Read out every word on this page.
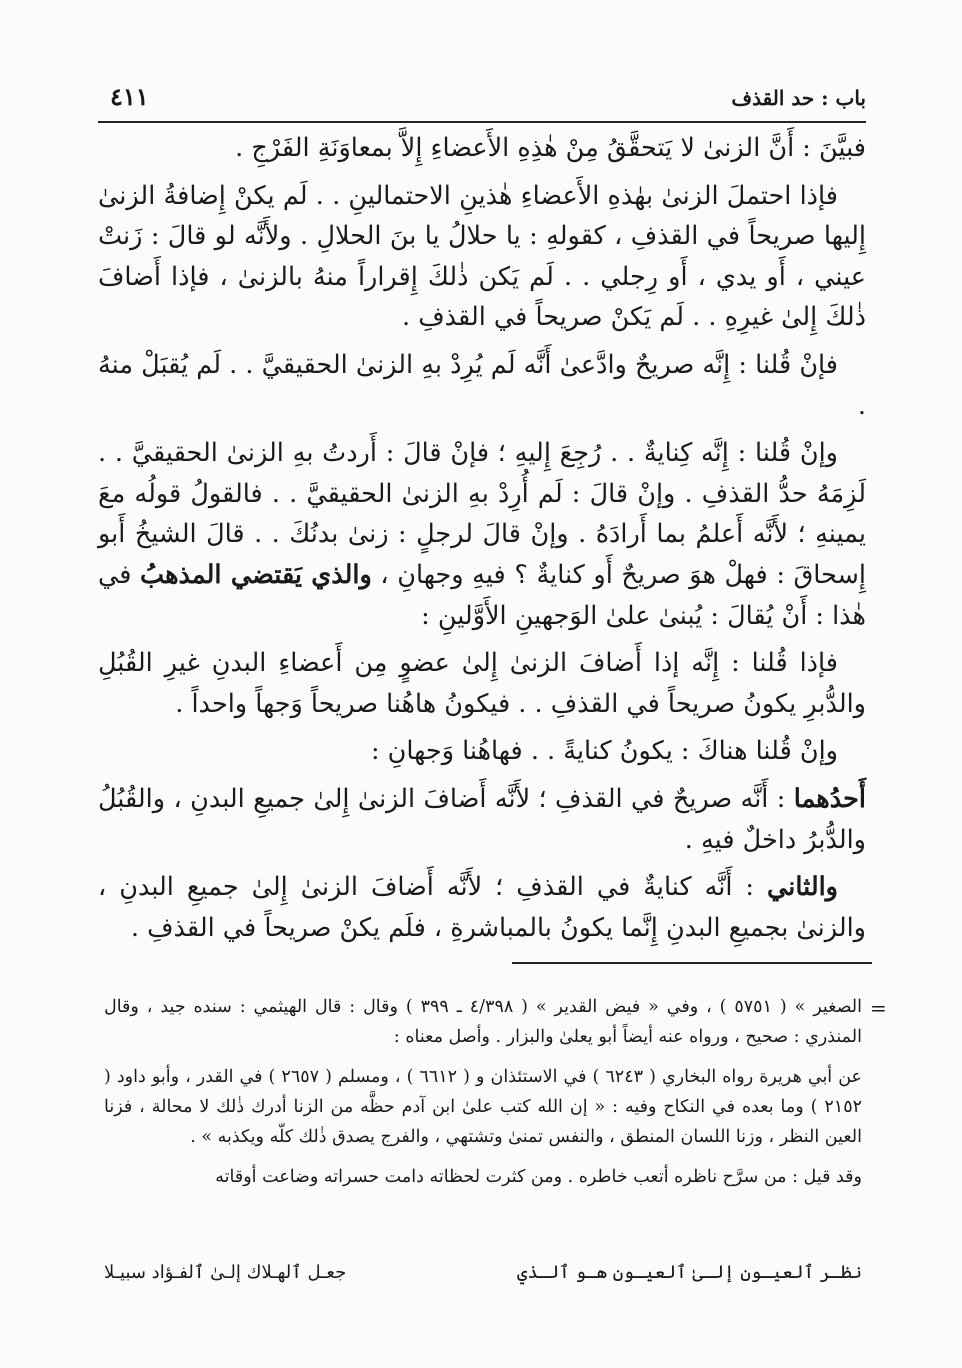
باب : حد القذف
٤١١

فبيَّنَ : أَنَّ الزنىٰ لا يَتحقَّقُ مِنْ هٰذِهِ الأَعضاءِ إِلاَّ بمعاوَنَةِ الفَرْجِ .

فإذا احتملَ الزنىٰ بهٰذهِ الأَعضاءِ هٰذينِ الاحتمالينِ . . لَم يكنْ إِضافةُ الزنىٰ إِليها صريحاً في القذفِ ، كقولهِ : يا حلالُ يا بنَ الحلالِ . ولأَنَّه لو قالَ : زَنتْ عيني ، أَو يدي ، أَو رِجلي . . لَم يَكن ذٰلكَ إِقراراً منهُ بالزنىٰ ، فإذا أَضافَ ذٰلكَ إِلىٰ غيرِهِ . . لَم يَكنْ صريحاً في القذفِ .

فإنْ قُلنا : إِنَّه صريحٌ وادَّعىٰ أَنَّه لَم يُرِدْ بهِ الزنىٰ الحقيقيَّ . . لَم يُقبَلْ منهُ .

وإنْ قُلنا : إِنَّه كِنايةٌ . . رُجِعَ إِليهِ ؛ فإنْ قالَ : أَردتُ بهِ الزنىٰ الحقيقيَّ . . لَزِمَهُ حدُّ القذفِ . وإنْ قالَ : لَم أُرِدْ بهِ الزنىٰ الحقيقيَّ . . فالقولُ قولُه معَ يمينهِ ؛ لأَنَّه أَعلمُ بما أَرادَهُ . وإنْ قالَ لرجلٍ : زنىٰ بدنُكَ . . قالَ الشيخُ أَبو إِسحاقَ : فهلْ هوَ صريحٌ أَو كنايةٌ ؟ فيهِ وجهانِ ، والذي يَقتضي المذهبُ في هٰذا : أَنْ يُقالَ : يُبنىٰ علىٰ الوَجهينِ الأَوَّلينِ :

فإذا قُلنا : إِنَّه إذا أَضافَ الزنىٰ إِلىٰ عضوٍ مِن أَعضاءِ البدنِ غيرِ القُبُلِ والدُّبرِ يكونُ صريحاً في القذفِ . . فيكونُ هاهُنا صريحاً وَجهاً واحداً .

وإنْ قُلنا هناكَ : يكونُ كنايةً . . فهاهُنا وَجهانِ :

أَحدُهما : أَنَّه صريحٌ في القذفِ ؛ لأَنَّه أَضافَ الزنىٰ إِلىٰ جميعِ البدنِ ، والقُبُلُ والدُّبرُ داخلٌ فيهِ .

والثاني : أَنَّه كنايةٌ في القذفِ ؛ لأَنَّه أَضافَ الزنىٰ إِلىٰ جميعِ البدنِ ، والزنىٰ بجميعِ البدنِ إِنَّما يكونُ بالمباشرةِ ، فلَم يكنْ صريحاً في القذفِ .

=

الصغير » ( ٥٧٥١ ) ، وفي « فيض القدير » ( ٤/٣٩٨ ـ ٣٩٩ ) وقال : قال الهيثمي : سنده جيد ، وقال المنذري : صحيح ، ورواه عنه أيضاً أبو يعلىٰ والبزار . وأصل معناه :

عن أبي هريرة رواه البخاري ( ٦٢٤٣ ) في الاستئذان و ( ٦٦١٢ ) ، ومسلم ( ٢٦٥٧ ) في القدر ، وأبو داود ( ٢١٥٢ ) وما بعده في النكاح وفيه : « إن الله كتب علىٰ ابن آدم حظَّه من الزنا أدرك ذٰلك لا محالة ، فزنا العين النظر ، وزنا اللسان المنطق ، والنفس تمنىٰ وتشتهي ، والفرج يصدق ذٰلك كلّه ويكذبه » .

وقد قيل : من سرَّح ناظره أتعب خاطره . ومن كثرت لحظاته دامت حسراته وضاعت أوقاته

نظـر ٱلعيـون إلـىٰ ٱلعيـون هـو ٱلـذي
جعـل ٱلهـلاك إلـىٰ ٱلفـؤاد سبيـلا
